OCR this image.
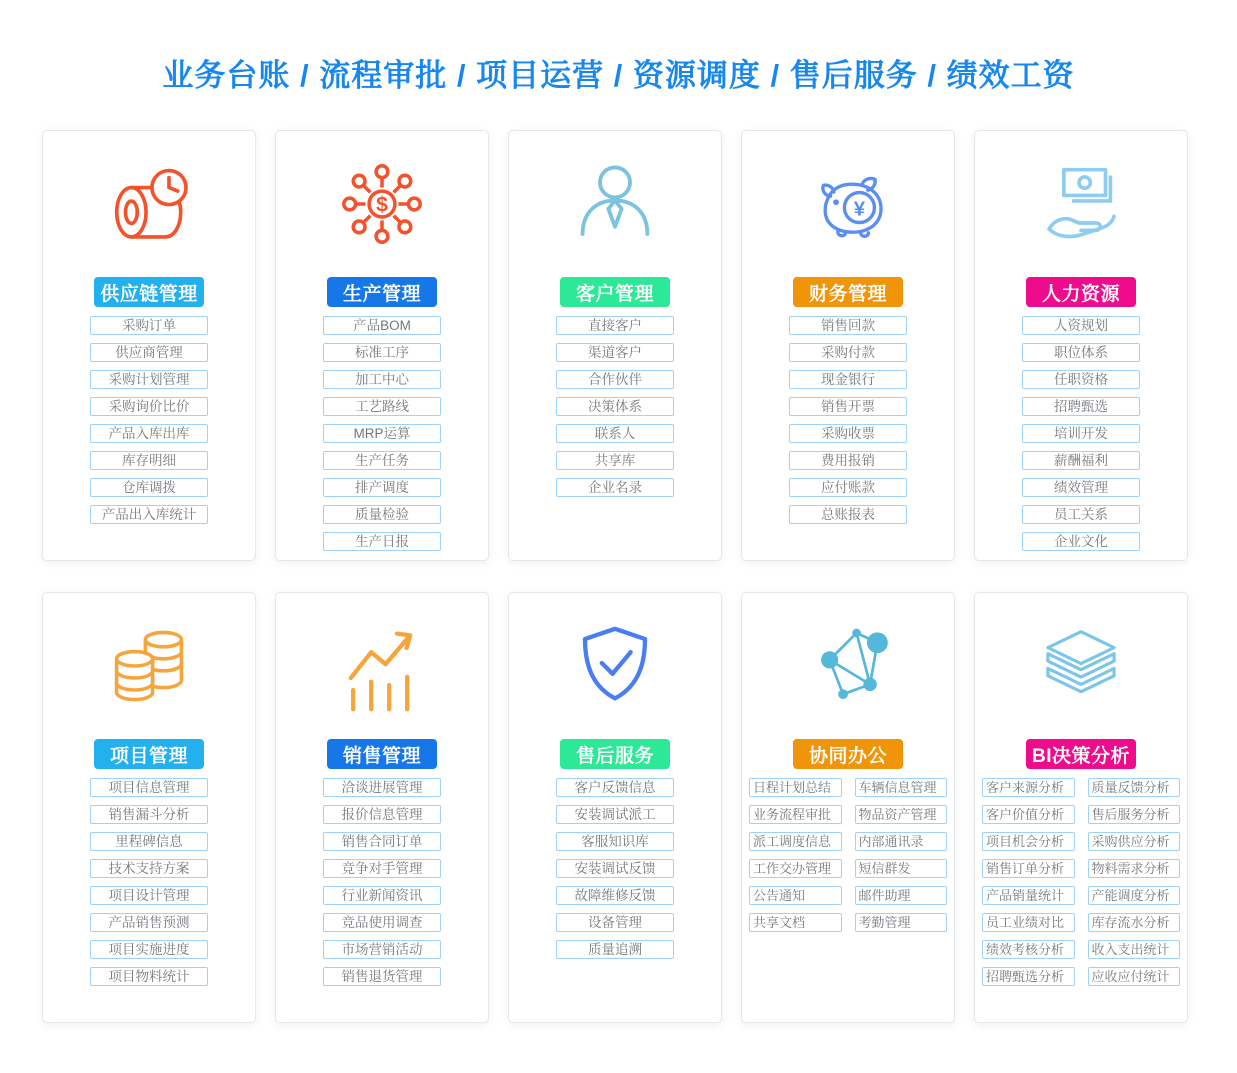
业务台账 / 流程审批 / 项目运营 / 资源调度 / 售后服务 / 绩效工资
供应链管理
采购订单
供应商管理
采购计划管理
采购询价比价
产品入库出库
库存明细
仓库调拨
产品出入库统计
$
生产管理
产品BOM
标准工序
加工中心
工艺路线
MRP运算
生产任务
排产调度
质量检验
生产日报
客户管理
直接客户
渠道客户
合作伙伴
决策体系
联系人
共享库
企业名录
¥
财务管理
销售回款
采购付款
现金银行
销售开票
采购收票
费用报销
应付账款
总账报表
人力资源
人资规划
职位体系
任职资格
招聘甄选
培训开发
薪酬福利
绩效管理
员工关系
企业文化
项目管理
项目信息管理
销售漏斗分析
里程碑信息
技术支持方案
项目设计管理
产品销售预测
项目实施进度
项目物料统计
销售管理
洽谈进展管理
报价信息管理
销售合同订单
竞争对手管理
行业新闻资讯
竞品使用调查
市场营销活动
销售退货管理
售后服务
客户反馈信息
安装调试派工
客服知识库
安装调试反馈
故障维修反馈
设备管理
质量追溯
协同办公
日程计划总结
业务流程审批
派工调度信息
工作交办管理
公告通知
共享文档
车辆信息管理
物品资产管理
内部通讯录
短信群发
邮件助理
考勤管理
BI决策分析
客户来源分析
客户价值分析
项目机会分析
销售订单分析
产品销量统计
员工业绩对比
绩效考核分析
招聘甄选分析
质量反馈分析
售后服务分析
采购供应分析
物料需求分析
产能调度分析
库存流水分析
收入支出统计
应收应付统计
